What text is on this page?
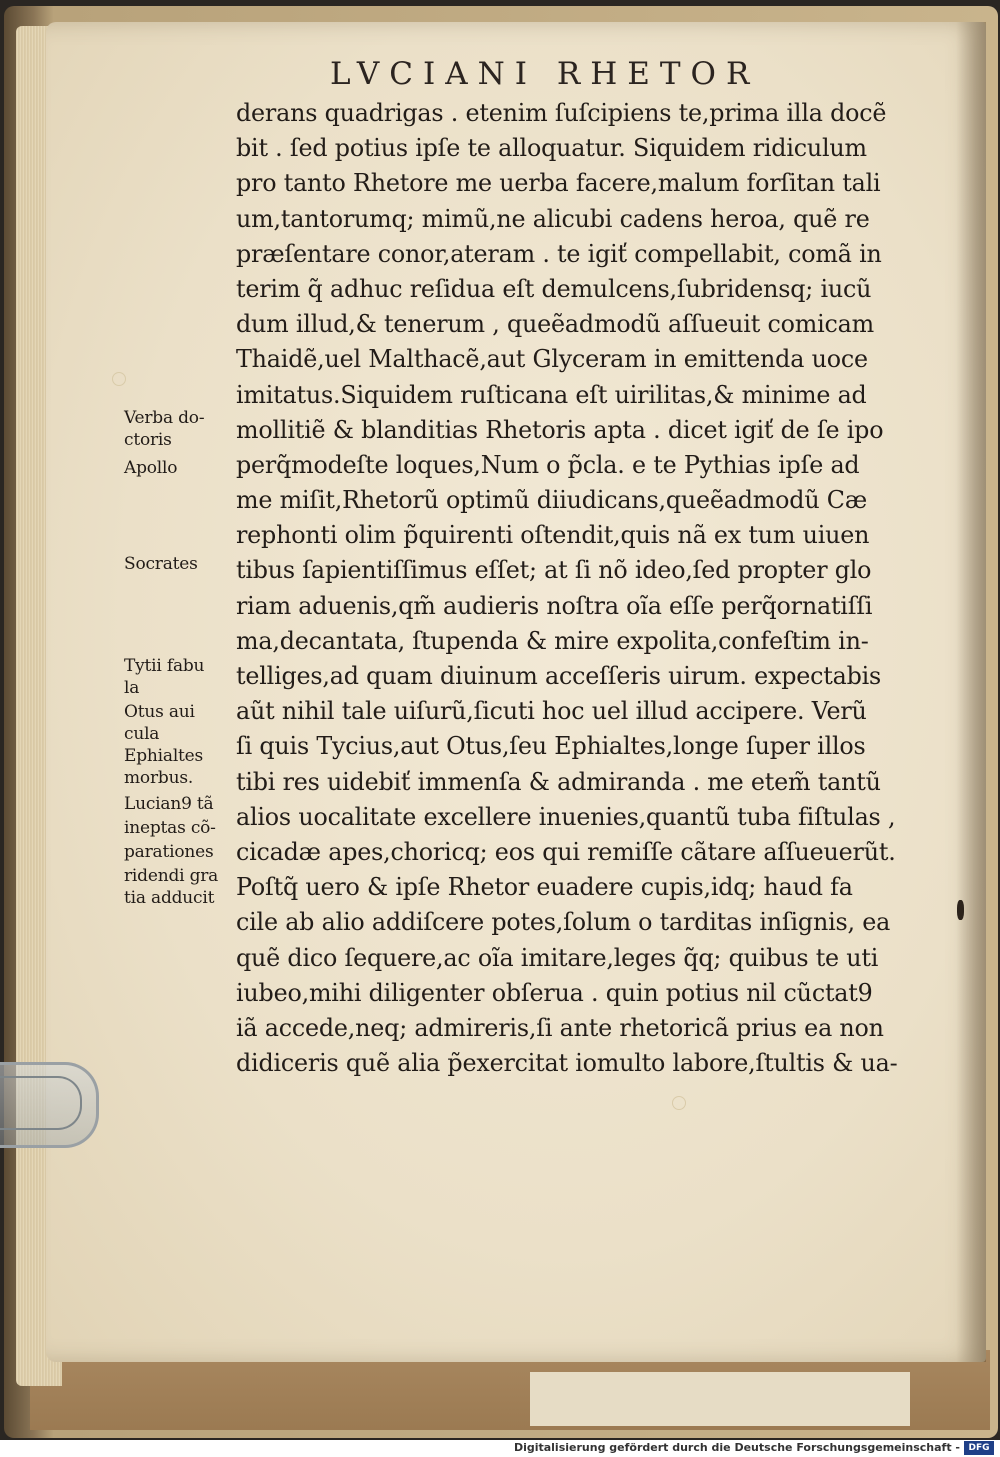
LVCIANI RHETOR
derans quadrigas . etenim ſuſcipiens te,prima illa docẽ
bit . ſed potius ipſe te alloquatur. Siquidem ridiculum
pro tanto Rhetore me uerba facere,malum forſitan tali
um,tantorumq; mimũ,ne alicubi cadens heroa, quẽ re
præſentare conor,ateram . te igiť compellabit, comã in
terim q̃ adhuc reſidua eſt demulcens,ſubridensq; iucũ
dum illud,& tenerum , queẽadmodũ aſſueuit comicam
Thaidẽ,uel Malthacẽ,aut Glyceram in emittenda uoce
imitatus.Siquidem ruſticana eſt uirilitas,& minime ad
mollitiẽ & blanditias Rhetoris apta . dicet igiť de ſe ipo
perq̃modeſte loques,Num o p̃cla. e te Pythias ipſe ad
me miſit,Rhetorũ optimũ diiudicans,queẽadmodũ Cæ
rephonti olim p̃quirenti oſtendit,quis nã ex tum uiuen
tibus ſapientiſſimus eſſet; at ſi nõ ideo,ſed propter glo
riam aduenis,qm̃ audieris noſtra oĩa eſſe perq̃ornatiſſi
ma,decantata, ſtupenda & mire expolita,confeſtim in-
telliges,ad quam diuinum acceſſeris uirum. expectabis
aũt nihil tale uiſurũ,ſicuti hoc uel illud accipere. Verũ
ſi quis Tycius,aut Otus,ſeu Ephialtes,longe ſuper illos
tibi res uidebiť immenſa & admiranda . me etem̃ tantũ
alios uocalitate excellere inuenies,quantũ tuba fiſtulas ,
cicadæ apes,choricq; eos qui remiſſe cãtare aſſueuerũt.
Poſtq̃ uero & ipſe Rhetor euadere cupis,idq; haud fa
cile ab alio addiſcere potes,ſolum o tarditas inſignis, ea
quẽ dico ſequere,ac oĩa imitare,leges q̃q; quibus te uti
iubeo,mihi diligenter obſerua . quin potius nil cũctat9
iã accede,neq; admireris,ſi ante rhetoricã prius ea non
didiceris quẽ alia p̃exercitat iomulto labore,ſtultis & ua-
Verba do-
ctoris
Apollo
Socrates
Tytii fabu
la
Otus aui
cula
Ephialtes
morbus.
Lucian9 tã
ineptas cõ-
parationes
ridendi gra
tia adducit
Digitalisierung gefördert durch die Deutsche Forschungsgemeinschaft - DFG
